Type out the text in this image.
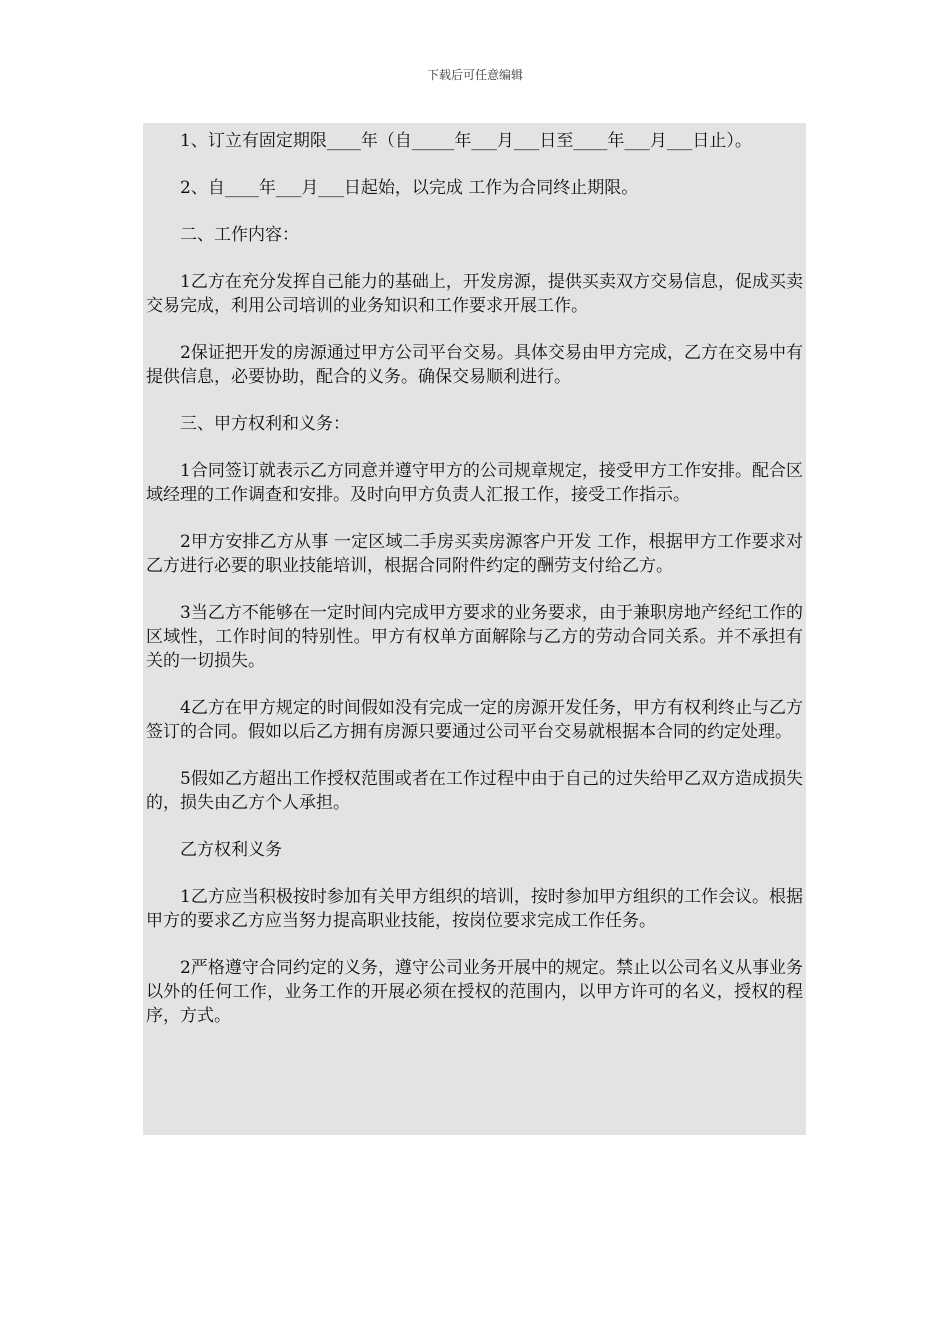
下载后可任意编辑

1、订立有固定期限____年（自_____年___月___日至____年___月___日止）。

2、自____年___月___日起始，以完成 工作为合同终止期限。

二、工作内容：

1乙方在充分发挥自己能力的基础上，开发房源，提供买卖双方交易信息，促成买卖交易完成，利用公司培训的业务知识和工作要求开展工作。

2保证把开发的房源通过甲方公司平台交易。具体交易由甲方完成，乙方在交易中有提供信息，必要协助，配合的义务。确保交易顺利进行。

三、甲方权利和义务：

1合同签订就表示乙方同意并遵守甲方的公司规章规定，接受甲方工作安排。配合区域经理的工作调查和安排。及时向甲方负责人汇报工作，接受工作指示。

2甲方安排乙方从事 一定区域二手房买卖房源客户开发 工作，根据甲方工作要求对乙方进行必要的职业技能培训，根据合同附件约定的酬劳支付给乙方。

3当乙方不能够在一定时间内完成甲方要求的业务要求，由于兼职房地产经纪工作的区域性，工作时间的特别性。甲方有权单方面解除与乙方的劳动合同关系。并不承担有关的一切损失。

4乙方在甲方规定的时间假如没有完成一定的房源开发任务，甲方有权利终止与乙方签订的合同。假如以后乙方拥有房源只要通过公司平台交易就根据本合同的约定处理。

5假如乙方超出工作授权范围或者在工作过程中由于自己的过失给甲乙双方造成损失的，损失由乙方个人承担。

乙方权利义务

1乙方应当积极按时参加有关甲方组织的培训，按时参加甲方组织的工作会议。根据甲方的要求乙方应当努力提高职业技能，按岗位要求完成工作任务。

2严格遵守合同约定的义务，遵守公司业务开展中的规定。禁止以公司名义从事业务以外的任何工作，业务工作的开展必须在授权的范围内，以甲方许可的名义，授权的程序，方式。
